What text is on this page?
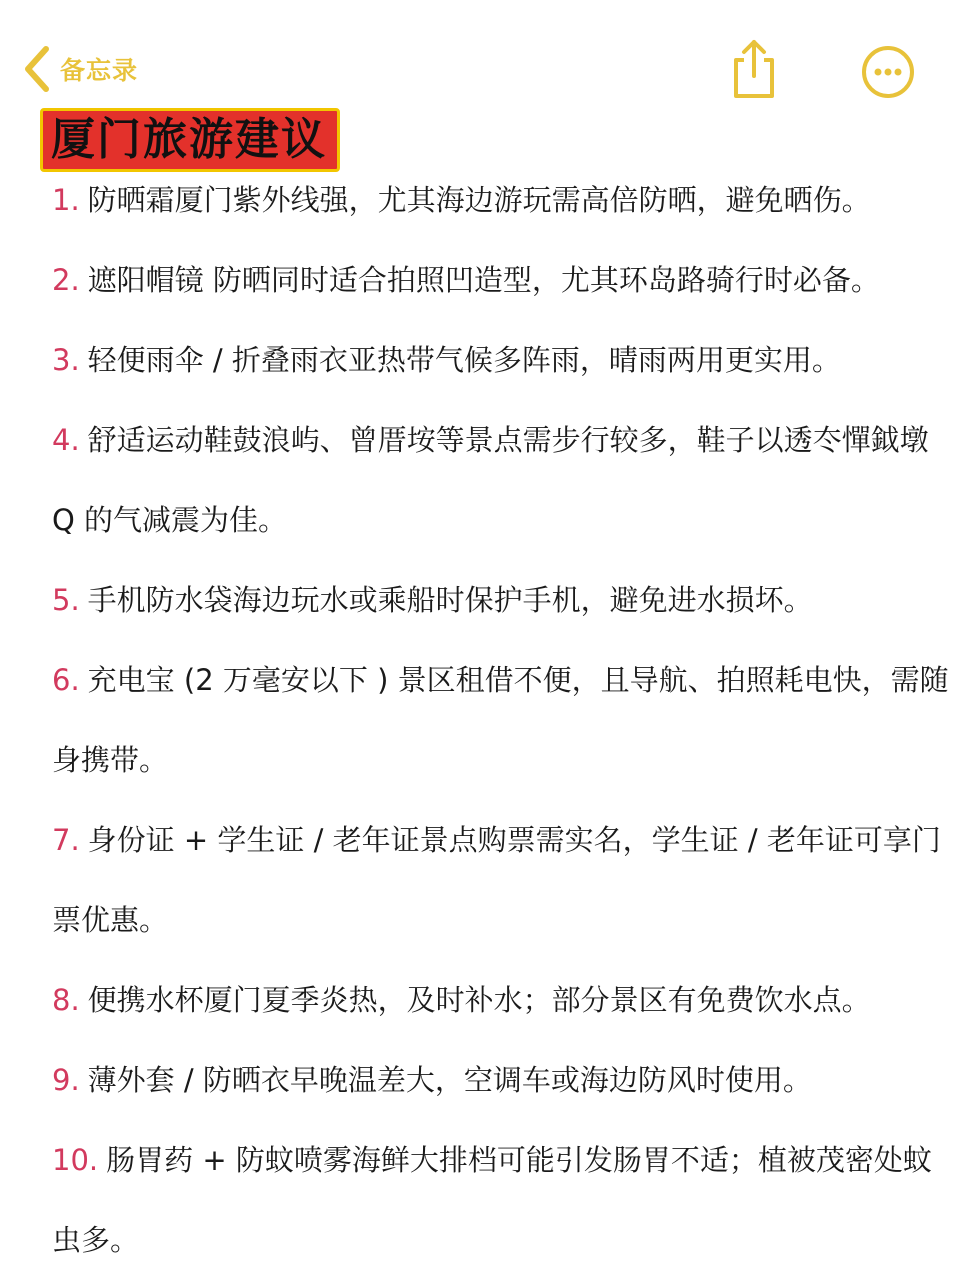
备忘录
厦门旅游建议

1. 防晒霜厦门紫外线强，尤其海边游玩需高倍防晒，避免晒伤。

2. 遮阳帽镜 防晒同时适合拍照凹造型，尤其环岛路骑行时必备。

3. 轻便雨伞 / 折叠雨衣亚热带气候多阵雨，晴雨两用更实用。

4. 舒适运动鞋鼓浪屿、曾厝垵等景点需步行较多，鞋子以透冭憚鉞墩 Q 的气减震为佳。

5. 手机防水袋海边玩水或乘船时保护手机，避免进水损坏。

6. 充电宝 (2 万毫安以下 ) 景区租借不便，且导航、拍照耗电快，需随身携带。

7. 身份证 + 学生证 / 老年证景点购票需实名，学生证 / 老年证可享门票优惠。

8. 便携水杯厦门夏季炎热，及时补水；部分景区有免费饮水点。

9. 薄外套 / 防晒衣早晚温差大，空调车或海边防风时使用。

10. 肠胃药 + 防蚊喷雾海鲜大排档可能引发肠胃不适；植被茂密处蚊虫多。
